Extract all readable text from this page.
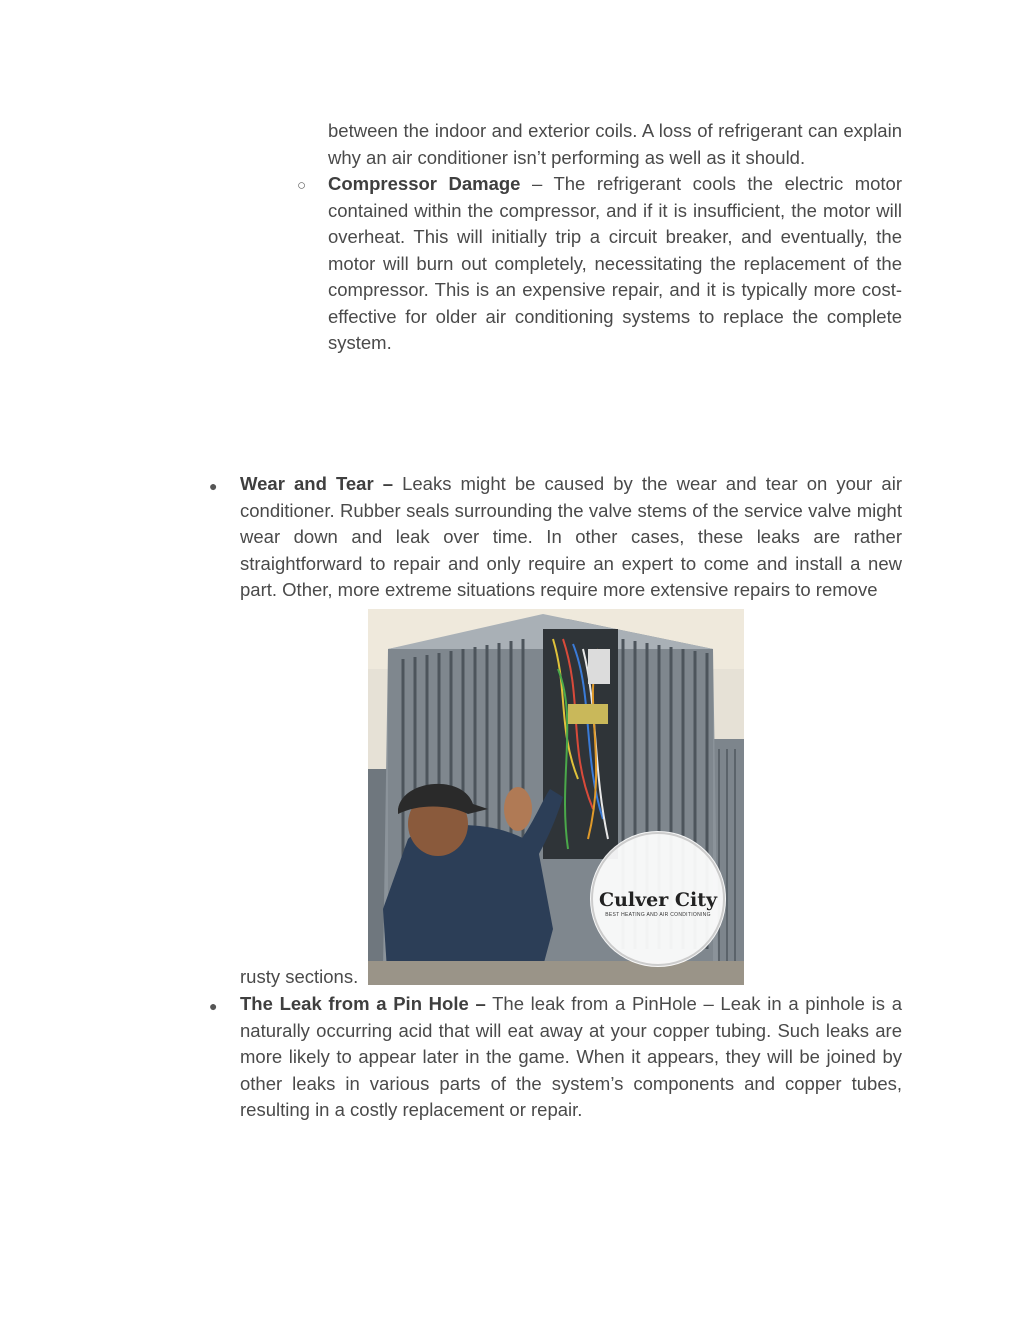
between the indoor and exterior coils. A loss of refrigerant can explain why an air conditioner isn’t performing as well as it should.
○ Compressor Damage – The refrigerant cools the electric motor contained within the compressor, and if it is insufficient, the motor will overheat. This will initially trip a circuit breaker, and eventually, the motor will burn out completely, necessitating the replacement of the compressor. This is an expensive repair, and it is typically more cost-effective for older air conditioning systems to replace the complete system.
● Wear and Tear – Leaks might be caused by the wear and tear on your air conditioner. Rubber seals surrounding the valve stems of the service valve might wear down and leak over time. In other cases, these leaks are rather straightforward to repair and only require an expert to come and install a new part. Other, more extreme situations require more extensive repairs to remove
Culver City
BEST HEATING AND AIR CONDITIONING
rusty sections.
● The Leak from a Pin Hole – The leak from a PinHole – Leak in a pinhole is a naturally occurring acid that will eat away at your copper tubing. Such leaks are more likely to appear later in the game. When it appears, they will be joined by other leaks in various parts of the system’s components and copper tubes, resulting in a costly replacement or repair.
